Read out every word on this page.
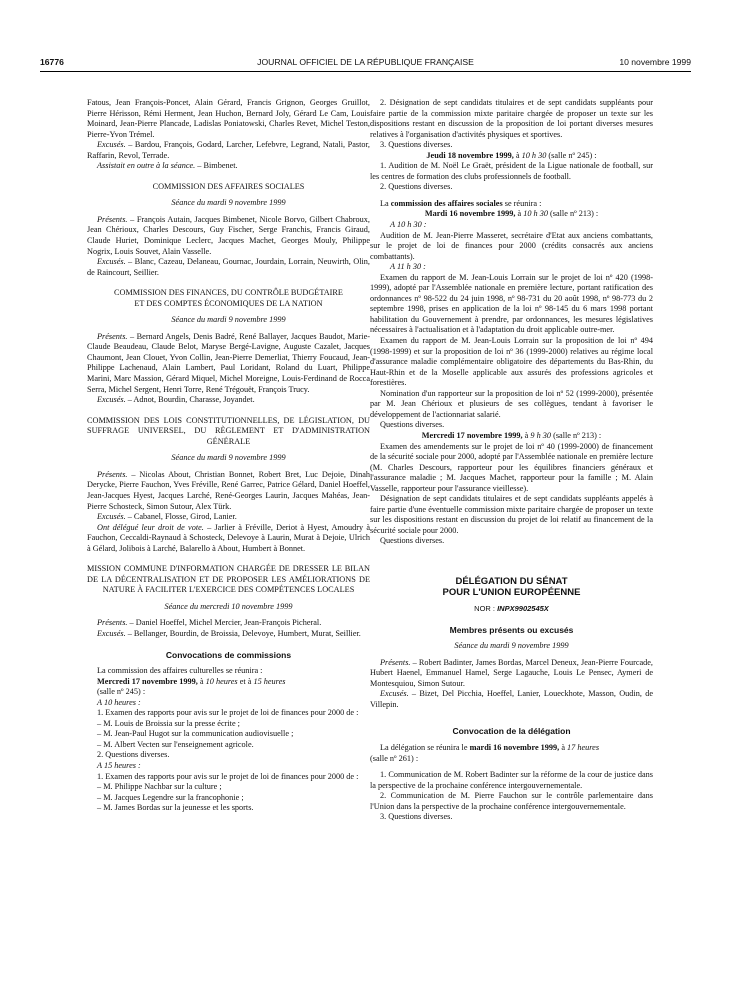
16776	JOURNAL OFFICIEL DE LA RÉPUBLIQUE FRANÇAISE	10 novembre 1999

Fatous, Jean François-Poncet, Alain Gérard, Francis Grignon, Georges Gruillot, Pierre Hérisson, Rémi Herment, Jean Huchon, Bernard Joly, Gérard Le Cam, Louis Moinard, Jean-Pierre Plancade, Ladislas Poniatowski, Charles Revet, Michel Teston, Pierre-Yvon Trémel.

Excusés. – Bardou, François, Godard, Larcher, Lefebvre, Legrand, Natali, Pastor, Raffarin, Revol, Terrade.

Assistait en outre à la séance. – Bimbenet.

COMMISSION DES AFFAIRES SOCIALES

Séance du mardi 9 novembre 1999

Présents. – François Autain, Jacques Bimbenet, Nicole Borvo, Gilbert Chabroux, Jean Chérioux, Charles Descours, Guy Fischer, Serge Franchis, Francis Giraud, Claude Huriet, Dominique Leclerc, Jacques Machet, Georges Mouly, Philippe Nogrix, Louis Souvet, Alain Vasselle.

Excusés. – Blanc, Cazeau, Delaneau, Gournac, Jourdain, Lorrain, Neuwirth, Olin, de Raincourt, Seillier.

COMMISSION DES FINANCES, DU CONTRÔLE BUDGÉTAIRE

ET DES COMPTES ÉCONOMIQUES DE LA NATION

Séance du mardi 9 novembre 1999

Présents. – Bernard Angels, Denis Badré, René Ballayer, Jacques Baudot, Marie-Claude Beaudeau, Claude Belot, Maryse Bergé-Lavigne, Auguste Cazalet, Jacques Chaumont, Jean Clouet, Yvon Collin, Jean-Pierre Demerliat, Thierry Foucaud, Jean-Philippe Lachenaud, Alain Lambert, Paul Loridant, Roland du Luart, Philippe Marini, Marc Massion, Gérard Miquel, Michel Moreigne, Louis-Ferdinand de Rocca Serra, Michel Sergent, Henri Torre, René Trégouët, François Trucy.

Excusés. – Adnot, Bourdin, Charasse, Joyandet.

COMMISSION DES LOIS CONSTITUTIONNELLES, DE LÉGISLATION, DU SUFFRAGE UNIVERSEL, DU RÈGLEMENT ET D'ADMINISTRATION GÉNÉRALE

Séance du mardi 9 novembre 1999

Présents. – Nicolas About, Christian Bonnet, Robert Bret, Luc Dejoie, Dinah Derycke, Pierre Fauchon, Yves Fréville, René Garrec, Patrice Gélard, Daniel Hoeffel, Jean-Jacques Hyest, Jacques Larché, René-Georges Laurin, Jacques Mahéas, Jean-Pierre Schosteck, Simon Sutour, Alex Türk.

Excusés. – Cabanel, Flosse, Girod, Lanier.

Ont délégué leur droit de vote. – Jarlier à Fréville, Deriot à Hyest, Amoudry à Fauchon, Ceccaldi-Raynaud à Schosteck, Delevoye à Laurin, Murat à Dejoie, Ulrich à Gélard, Jolibois à Larché, Balarello à About, Humbert à Bonnet.

MISSION COMMUNE D'INFORMATION CHARGÉE DE DRESSER LE BILAN DE LA DÉCENTRALISATION ET DE PROPOSER LES AMÉLIORATIONS DE NATURE À FACILITER L'EXERCICE DES COMPÉTENCES LOCALES

Séance du mercredi 10 novembre 1999

Présents. – Daniel Hoeffel, Michel Mercier, Jean-François Picheral.

Excusés. – Bellanger, Bourdin, de Broissia, Delevoye, Humbert, Murat, Seillier.

Convocations de commissions

La commission des affaires culturelles se réunira :

Mercredi 17 novembre 1999, à 10 heures et à 15 heures

(salle nº 245) :

A 10 heures :

1. Examen des rapports pour avis sur le projet de loi de finances pour 2000 de :

– M. Louis de Broissia sur la presse écrite ;

– M. Jean-Paul Hugot sur la communication audiovisuelle ;

– M. Albert Vecten sur l'enseignement agricole.

2. Questions diverses.

A 15 heures :

1. Examen des rapports pour avis sur le projet de loi de finances pour 2000 de :

– M. Philippe Nachbar sur la culture ;

– M. Jacques Legendre sur la francophonie ;

– M. James Bordas sur la jeunesse et les sports.

2. Désignation de sept candidats titulaires et de sept candidats suppléants pour faire partie de la commission mixte paritaire chargée de proposer un texte sur les dispositions restant en discussion de la proposition de loi portant diverses mesures relatives à l'organisation d'activités physiques et sportives.

3. Questions diverses.

Jeudi 18 novembre 1999, à 10 h 30 (salle nº 245) :

1. Audition de M. Noël Le Graët, président de la Ligue nationale de football, sur les centres de formation des clubs professionnels de football.

2. Questions diverses.

La commission des affaires sociales se réunira :

Mardi 16 novembre 1999, à 10 h 30 (salle nº 213) :

A 10 h 30 :

Audition de M. Jean-Pierre Masseret, secrétaire d'Etat aux anciens combattants, sur le projet de loi de finances pour 2000 (crédits consacrés aux anciens combattants).

A 11 h 30 :

Examen du rapport de M. Jean-Louis Lorrain sur le projet de loi nº 420 (1998-1999), adopté par l'Assemblée nationale en première lecture, portant ratification des ordonnances nº 98-522 du 24 juin 1998, nº 98-731 du 20 août 1998, nº 98-773 du 2 septembre 1998, prises en application de la loi nº 98-145 du 6 mars 1998 portant habilitation du Gouvernement à prendre, par ordonnances, les mesures législatives nécessaires à l'actualisation et à l'adaptation du droit applicable outre-mer.

Examen du rapport de M. Jean-Louis Lorrain sur la proposition de loi nº 494 (1998-1999) et sur la proposition de loi nº 36 (1999-2000) relatives au régime local d'assurance maladie complémentaire obligatoire des départements du Bas-Rhin, du Haut-Rhin et de la Moselle applicable aux assurés des professions agricoles et forestières.

Nomination d'un rapporteur sur la proposition de loi nº 52 (1999-2000), présentée par M. Jean Chérioux et plusieurs de ses collègues, tendant à favoriser le développement de l'actionnariat salarié.

Questions diverses.

Mercredi 17 novembre 1999, à 9 h 30 (salle nº 213) :

Examen des amendements sur le projet de loi nº 40 (1999-2000) de financement de la sécurité sociale pour 2000, adopté par l'Assemblée nationale en première lecture (M. Charles Descours, rapporteur pour les équilibres financiers généraux et l'assurance maladie ; M. Jacques Machet, rapporteur pour la famille ; M. Alain Vasselle, rapporteur pour l'assurance vieillesse).

Désignation de sept candidats titulaires et de sept candidats suppléants appelés à faire partie d'une éventuelle commission mixte paritaire chargée de proposer un texte sur les dispositions restant en discussion du projet de loi relatif au financement de la sécurité sociale pour 2000.

Questions diverses.

DÉLÉGATION DU SÉNAT

POUR L'UNION EUROPÉENNE

NOR : INPX9902545X

Membres présents ou excusés

Séance du mardi 9 novembre 1999

Présents. – Robert Badinter, James Bordas, Marcel Deneux, Jean-Pierre Fourcade, Hubert Haenel, Emmanuel Hamel, Serge Lagauche, Louis Le Pensec, Aymeri de Montesquiou, Simon Sutour.

Excusés. – Bizet, Del Picchia, Hoeffel, Lanier, Loueckhote, Masson, Oudin, de Villepin.

Convocation de la délégation

La délégation se réunira le mardi 16 novembre 1999, à 17 heures

(salle nº 261) :

1. Communication de M. Robert Badinter sur la réforme de la cour de justice dans la perspective de la prochaine conférence intergouvernementale.

2. Communication de M. Pierre Fauchon sur le contrôle parlementaire dans l'Union dans la perspective de la prochaine conférence intergouvernementale.

3. Questions diverses.
